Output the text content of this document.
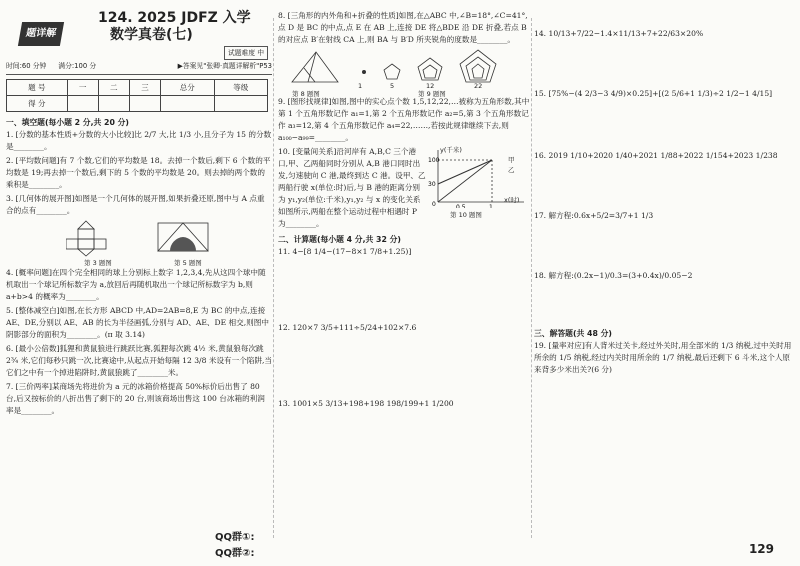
题详解
124. 2025 JDFZ 入学
数学真卷(七)
试题难度 中
时间:60 分钟 满分:100 分	▶答案见"张卿·真题详解析"P53
题 号	一	二	三	总分	等级
得 分					
一、填空题(每小题 2 分,共 20 分)
1. [分数的基本性质+分数的大小比较]比 2/7 大,比 1/3 小,且分子为 15 的分数是________。
2. [平均数问题]有 7 个数,它们的平均数是 18。去掉一个数后,剩下 6 个数的平均数是 19;再去掉一个数后,剩下的 5 个数的平均数是 20。则去掉的两个数的乘积是________。
3. [几何体的展开图]如图是一个几何体的展开图,如果折叠还原,图中与 A 点重合的点有________。
第 3 题图	第 5 题图
4. [概率问题]在四个完全相同的球上分别标上数字 1,2,3,4,先从这四个球中随机取出一个球记所标数字为 a,放回后再随机取出一个球记所标数字为 b,则 a+b>4 的概率为________。
5. [整体减空白]如图,在长方形 ABCD 中,AD=2AB=8,E 为 BC 的中点,连接 AE、DE,分别以 AE、AB 的长为半径画弧,分别与 AD、AE、DE 相交,则图中阴影部分的面积为________。(π 取 3.14)
6. [最小公倍数]狐狸和黄鼠狼进行跳跃比赛,狐狸每次跳 4½ 米,黄鼠狼每次跳 2¾ 米,它们每秒只跳一次,比赛途中,从起点开始每隔 12 3/8 米设有一个陷阱,当它们之中有一个掉进陷阱时,黄鼠狼跳了________米。
7. [三价两率]某商场先将进价为 a 元的冰箱价格提高 50%标价后出售了 80 台,后又按标价的八折出售了剩下的 20 台,则该商场出售这 100 台冰箱的利润率是________。
8. [三角形的内外角和+折叠的性质]如图,在△ABC 中,∠B=18°,∠C=41°,点 D 是 BC 的中点,点 E 在 AB 上,连接 DE 将△BDE 沿 DE 折叠,若点 B 的对应点 B′在射线 CA 上,则 BA 与 B′D 所夹锐角的度数是________。
1	5	12	22
第 8 题图	第 9 题图
9. [图形找规律]如图,图中的实心点个数 1,5,12,22,…被称为五角形数,其中第 1 个五角形数记作 a₁=1,第 2 个五角形数记作 a₂=5,第 3 个五角形数记作 a₃=12,第 4 个五角形数记作 a₄=22,……,若按此规律继续下去,则 a₁₀₀−a₉₉=________。
10. [变量间关系]沿河岸有 A,B,C 三个港口,甲、乙两船同时分别从 A,B 港口同时出发,匀速驶向 C 港,最终到达 C 港。设甲、乙两船行驶 x(单位:时)后,与 B 港的距离分别为 y₁,y₂(单位:千米),y₁,y₂ 与 x 的变化关系如图所示,两船在整个运动过程中相遇时 P 为________。
0	0.5	1
30
100
y(千米)
x(时)
甲
乙
第 10 题图
二、计算题(每小题 4 分,共 32 分)
11. 4−[8 1/4−(17−8×1 7/8+1.25)]
12. 120×7 3/5+111÷5/24+102×7.6
13. 1001×5 3/13+198+198 198/199+1 1/200
14. 10/13+7/22−1.4×11/13+7+22/63×20%
15. [75%−(4 2/3−3 4/9)×0.25]+[(2 5/6+1 1/3)÷2 1/2−1 4/15]
16. 2019 1/10+2020 1/40+2021 1/88+2022 1/154+2023 1/238
17. 解方程:0.6x+5/2=3/7+1 1/3
18. 解方程:(0.2x−1)/0.3=(3+0.4x)/0.05−2
三、解答题(共 48 分)
19. [量率对应]有人背米过关卡,经过外关时,用全部米的 1/3 纳税,过中关时用所余的 1/5 纳税,经过内关时用所余的 1/7 纳税,最后还剩下 6 斗米,这个人原来背多少米出关?(6 分)
QQ群①:
QQ群②:	129
